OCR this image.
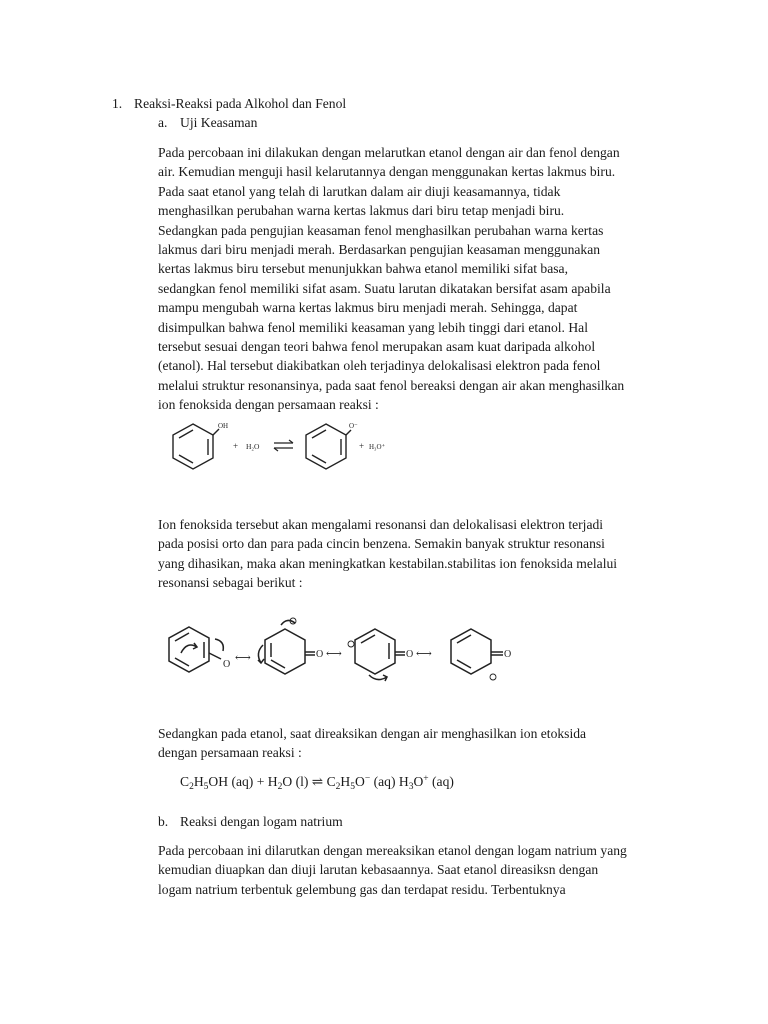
1. Reaksi-Reaksi pada Alkohol dan Fenol
a. Uji Keasaman
Pada percobaan ini dilakukan dengan melarutkan etanol dengan air dan fenol dengan
air. Kemudian menguji hasil kelarutannya dengan menggunakan kertas lakmus biru.
Pada saat etanol yang telah di larutkan dalam air diuji keasamannya, tidak
menghasilkan perubahan warna kertas lakmus dari biru tetap menjadi biru.
Sedangkan pada pengujian keasaman fenol menghasilkan perubahan warna kertas
lakmus dari biru menjadi merah. Berdasarkan pengujian keasaman menggunakan
kertas lakmus biru tersebut menunjukkan bahwa etanol memiliki sifat basa,
sedangkan fenol memiliki sifat asam. Suatu larutan dikatakan bersifat asam apabila
mampu mengubah warna kertas lakmus biru menjadi merah. Sehingga, dapat
disimpulkan bahwa fenol memiliki keasaman yang lebih tinggi dari etanol. Hal
tersebut sesuai dengan teori bahwa fenol merupakan asam kuat daripada alkohol
(etanol). Hal tersebut diakibatkan oleh terjadinya delokalisasi elektron pada fenol
melalui struktur resonansinya, pada saat fenol bereaksi dengan air akan menghasilkan
ion fenoksida dengan persamaan reaksi :
OH
+ H₂O
O⁻
+ H₃O⁺
Ion fenoksida tersebut akan mengalami resonansi dan delokalisasi elektron terjadi
pada posisi orto dan para pada cincin benzena. Semakin banyak struktur resonansi
yang dihasikan, maka akan meningkatkan kestabilan.stabilitas ion fenoksida melalui
resonansi sebagai berikut :
O
⟷	O ⟷	O ⟷	O
Sedangkan pada etanol, saat direaksikan dengan air menghasilkan ion etoksida
dengan persamaan reaksi :
$C_2H_5OH$ $(aq) + H_2O$ (l) ⇌ $C_2H_5O^-$ (aq) $H_3O^+$ (aq)
b. Reaksi dengan logam natrium
Pada percobaan ini dilarutkan dengan mereaksikan etanol dengan logam natrium yang
kemudian diuapkan dan diuji larutan kebasaannya. Saat etanol direasiksn dengan
logam natrium terbentuk gelembung gas dan terdapat residu. Terbentuknya
